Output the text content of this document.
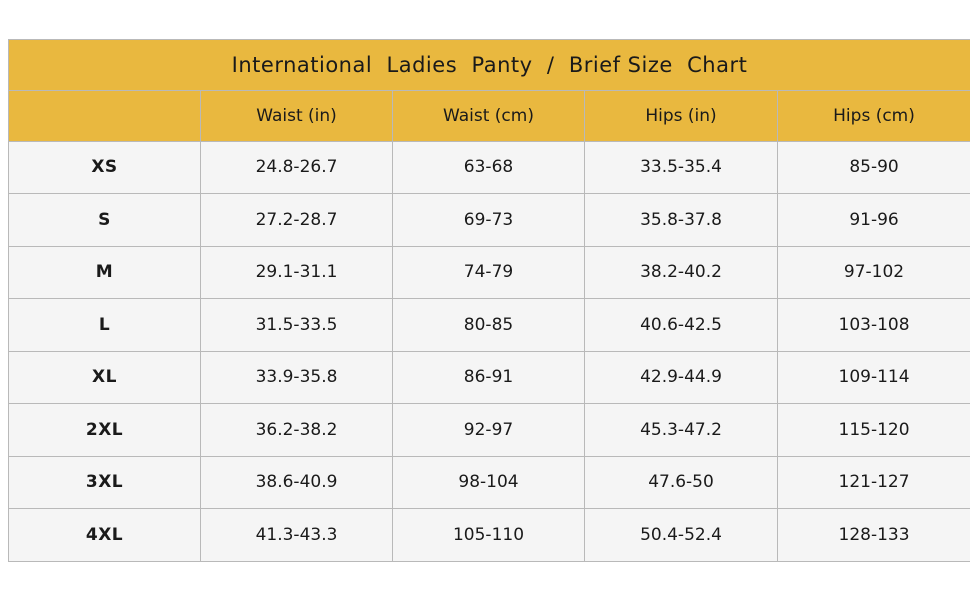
International  Ladies  Panty  /  Brief Size  Chart				
	Waist (in)	Waist (cm)	Hips (in)	Hips (cm)
XS	24.8-26.7	63-68	33.5-35.4	85-90
S	27.2-28.7	69-73	35.8-37.8	91-96
M	29.1-31.1	74-79	38.2-40.2	97-102
L	31.5-33.5	80-85	40.6-42.5	103-108
XL	33.9-35.8	86-91	42.9-44.9	109-114
2XL	36.2-38.2	92-97	45.3-47.2	115-120
3XL	38.6-40.9	98-104	47.6-50	121-127
4XL	41.3-43.3	105-110	50.4-52.4	128-133
